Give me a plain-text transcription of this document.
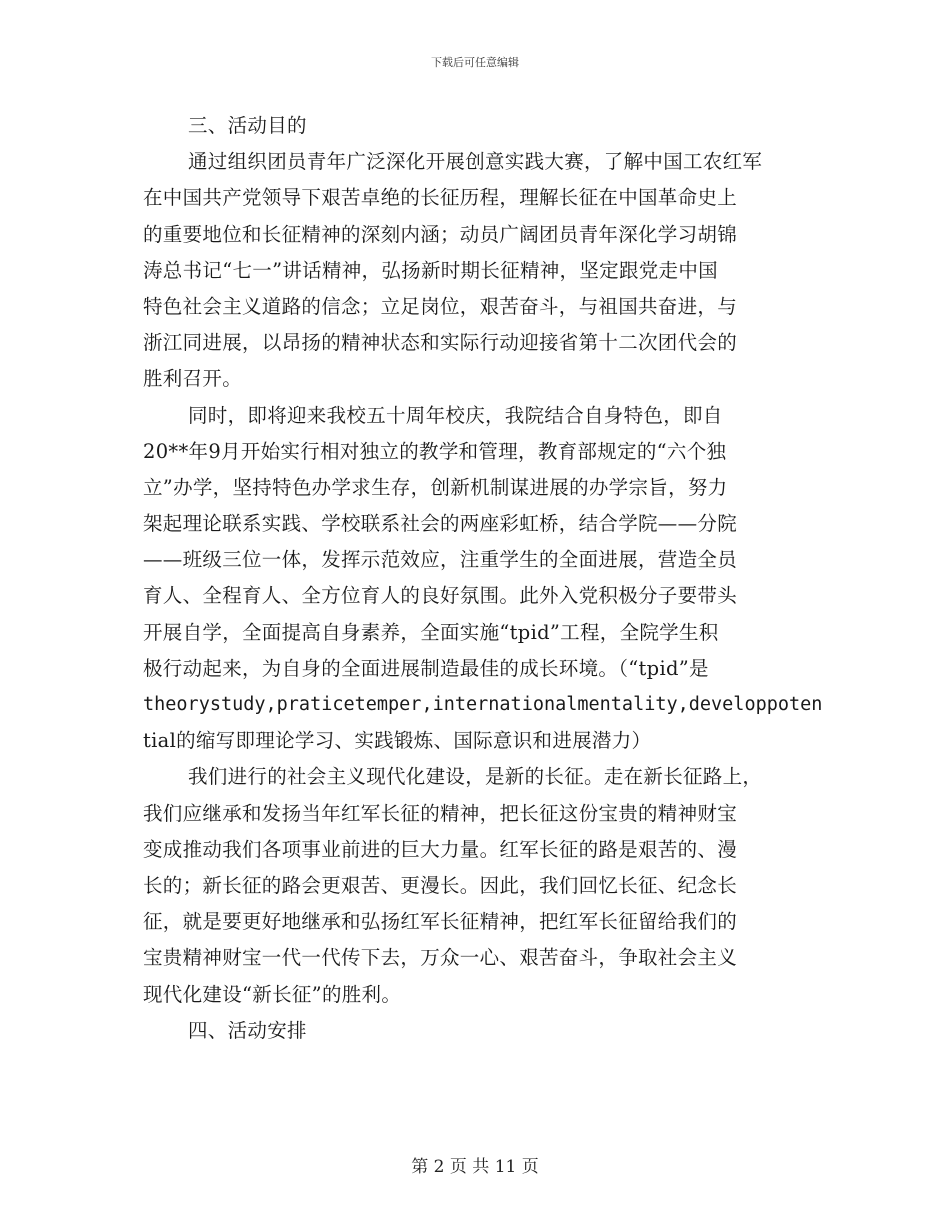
下载后可任意编辑
三、活动目的
通过组织团员青年广泛深化开展创意实践大赛，了解中国工农红军
在中国共产党领导下艰苦卓绝的长征历程，理解长征在中国革命史上
的重要地位和长征精神的深刻内涵；动员广阔团员青年深化学习胡锦
涛总书记“七一”讲话精神，弘扬新时期长征精神，坚定跟党走中国
特色社会主义道路的信念；立足岗位，艰苦奋斗，与祖国共奋进，与
浙江同进展，以昂扬的精神状态和实际行动迎接省第十二次团代会的
胜利召开。
同时，即将迎来我校五十周年校庆，我院结合自身特色，即自
20**年9月开始实行相对独立的教学和管理，教育部规定的“六个独
立”办学，坚持特色办学求生存，创新机制谋进展的办学宗旨，努力
架起理论联系实践、学校联系社会的两座彩虹桥，结合学院——分院
——班级三位一体，发挥示范效应，注重学生的全面进展，营造全员
育人、全程育人、全方位育人的良好氛围。此外入党积极分子要带头
开展自学，全面提高自身素养，全面实施“tpid”工程，全院学生积
极行动起来，为自身的全面进展制造最佳的成长环境。（“tpid”是
theorystudy,praticetemper,internationalmentality,developpoten
tial的缩写即理论学习、实践锻炼、国际意识和进展潜力）
我们进行的社会主义现代化建设，是新的长征。走在新长征路上，
我们应继承和发扬当年红军长征的精神，把长征这份宝贵的精神财宝
变成推动我们各项事业前进的巨大力量。红军长征的路是艰苦的、漫
长的；新长征的路会更艰苦、更漫长。因此，我们回忆长征、纪念长
征，就是要更好地继承和弘扬红军长征精神，把红军长征留给我们的
宝贵精神财宝一代一代传下去，万众一心、艰苦奋斗，争取社会主义
现代化建设“新长征”的胜利。
四、活动安排
第 2 页 共 11 页
